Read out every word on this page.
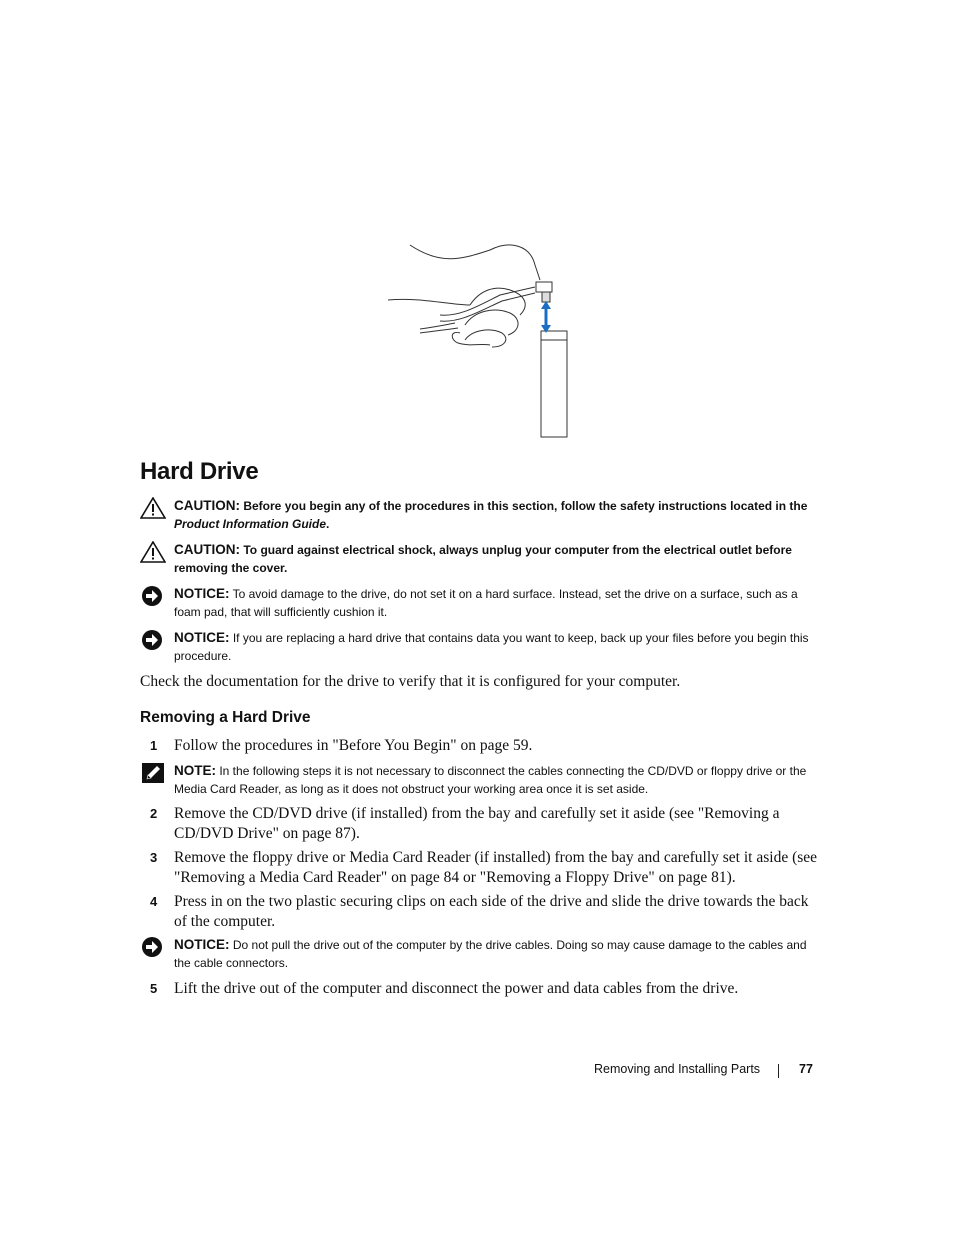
Hard Drive
CAUTION: Before you begin any of the procedures in this section, follow the safety instructions located in the Product Information Guide.
CAUTION: To guard against electrical shock, always unplug your computer from the electrical outlet before removing the cover.
NOTICE: To avoid damage to the drive, do not set it on a hard surface. Instead, set the drive on a surface, such as a foam pad, that will sufficiently cushion it.
NOTICE: If you are replacing a hard drive that contains data you want to keep, back up your files before you begin this procedure.
Check the documentation for the drive to verify that it is configured for your computer.
Removing a Hard Drive
1 Follow the procedures in "Before You Begin" on page 59.
NOTE: In the following steps it is not necessary to disconnect the cables connecting the CD/DVD or floppy drive or the Media Card Reader, as long as it does not obstruct your working area once it is set aside.
2 Remove the CD/DVD drive (if installed) from the bay and carefully set it aside (see "Removing a CD/DVD Drive" on page 87).
3 Remove the floppy drive or Media Card Reader (if installed) from the bay and carefully set it aside (see "Removing a Media Card Reader" on page 84 or "Removing a Floppy Drive" on page 81).
4 Press in on the two plastic securing clips on each side of the drive and slide the drive towards the back of the computer.
NOTICE: Do not pull the drive out of the computer by the drive cables. Doing so may cause damage to the cables and the cable connectors.
5 Lift the drive out of the computer and disconnect the power and data cables from the drive.
Removing and Installing Parts	77
